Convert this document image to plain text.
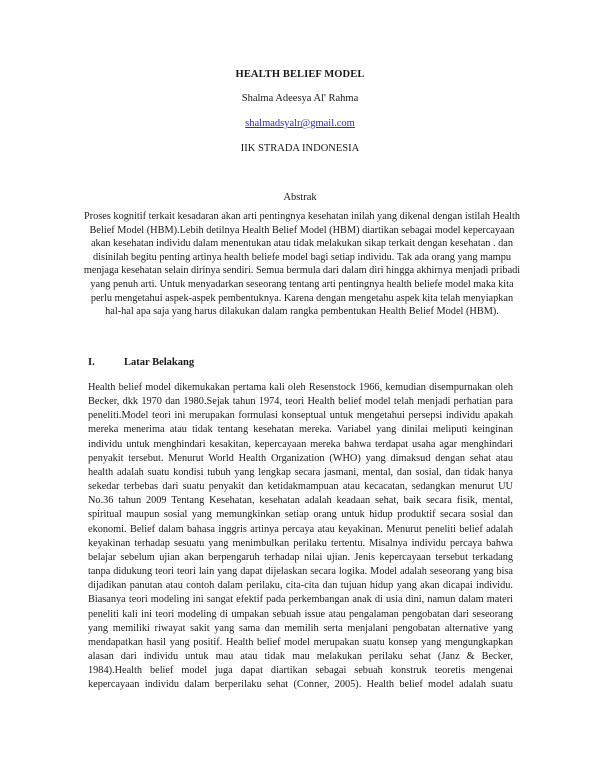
HEALTH BELIEF MODEL
Shalma Adeesya Al' Rahma
shalmadsyalr@gmail.com
IIK STRADA INDONESIA
Abstrak
Proses kognitif terkait kesadaran akan arti pentingnya kesehatan inilah yang dikenal dengan istilah Health
Belief Model (HBM).Lebih detilnya Health Belief Model (HBM) diartikan sebagai model kepercayaan
akan kesehatan individu dalam menentukan atau tidak melakukan sikap terkait dengan kesehatan . dan
disinilah begitu penting artinya health beliefe model bagi setiap individu. Tak ada orang yang mampu
menjaga kesehatan selain dirinya sendiri. Semua bermula dari dalam diri hingga akhirnya menjadi pribadi
yang penuh arti. Untuk menyadarkan seseorang tentang arti pentingnya health beliefe model maka kita
perlu mengetahui aspek-aspek pembentuknya. Karena dengan mengetahu aspek kita telah menyiapkan
hal-hal apa saja yang harus dilakukan dalam rangka pembentukan Health Belief Model (HBM).
I.	Latar Belakang
Health belief model dikemukakan pertama kali oleh Resenstock 1966, kemudian disempurnakan oleh
Becker, dkk 1970 dan 1980.Sejak tahun 1974, teori Health belief model telah menjadi perhatian para
peneliti.Model teori ini merupakan formulasi konseptual untuk mengetahui persepsi individu apakah
mereka menerima atau tidak tentang kesehatan mereka. Variabel yang dinilai meliputi keinginan
individu untuk menghindari kesakitan, kepercayaan mereka bahwa terdapat usaha agar menghindari
penyakit tersebut. Menurut World Health Organization (WHO) yang dimaksud dengan sehat atau
health adalah suatu kondisi tubuh yang lengkap secara jasmani, mental, dan sosial, dan tidak hanya
sekedar terbebas dari suatu penyakit dan ketidakmampuan atau kecacatan, sedangkan menurut UU
No.36 tahun 2009 Tentang Kesehatan, kesehatan adalah keadaan sehat, baik secara fisik, mental,
spiritual maupun sosial yang memungkinkan setiap orang untuk hidup produktif secara sosial dan
ekonomi. Belief dalam bahasa inggris artinya percaya atau keyakinan. Menurut peneliti belief adalah
keyakinan terhadap sesuatu yang menimbulkan perilaku tertentu. Misalnya individu percaya bahwa
belajar sebelum ujian akan berpengaruh terhadap nilai ujian. Jenis kepercayaan tersebut terkadang
tanpa didukung teori teori lain yang dapat dijelaskan secara logika. Model adalah seseorang yang bisa
dijadikan panutan atau contoh dalam perilaku, cita-cita dan tujuan hidup yang akan dicapai individu.
Biasanya teori modeling ini sangat efektif pada perkembangan anak di usia dini, namun dalam materi
peneliti kali ini teori modeling di umpakan sebuah issue atau pengalaman pengobatan dari seseorang
yang memiliki riwayat sakit yang sama dan memilih serta menjalani pengobatan alternative yang
mendapatkan hasil yang positif. Health belief model merupakan suatu konsep yang mengungkapkan
alasan dari individu untuk mau atau tidak mau melakukan perilaku sehat (Janz & Becker,
1984).Health belief model juga dapat diartikan sebagai sebuah konstruk teoretis mengenai
kepercayaan individu dalam berperilaku sehat (Conner, 2005). Health belief model adalah suatu
